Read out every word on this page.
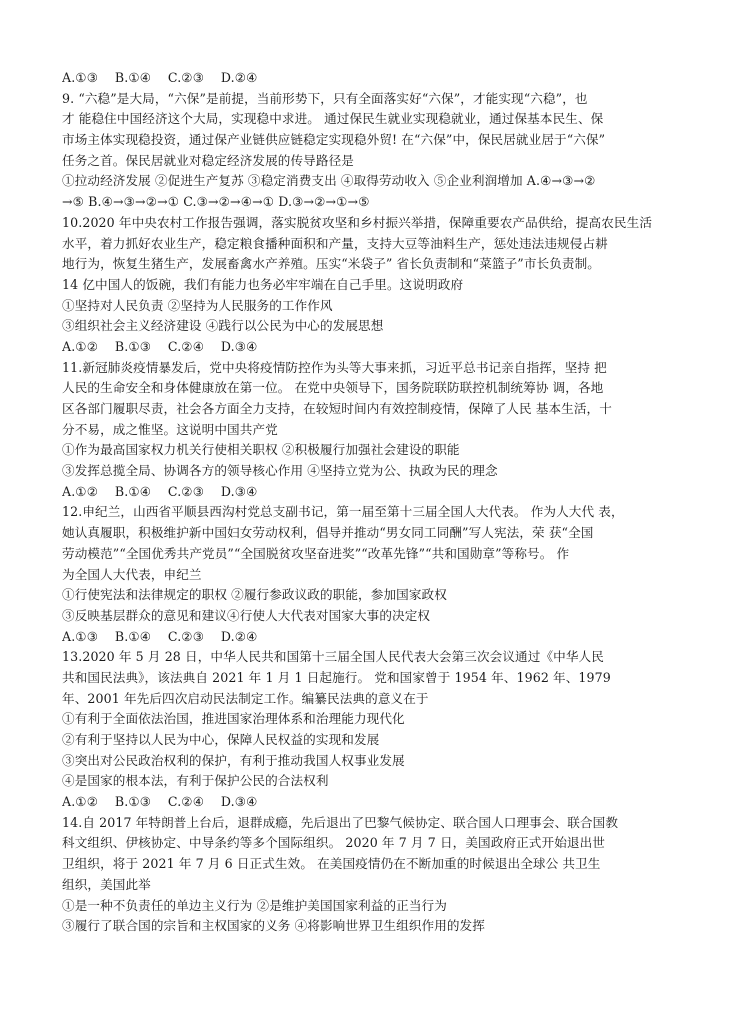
A.①③　 B.①④　 C.②③　 D.②④
9. “六稳”是大局，“六保”是前提，当前形势下，只有全面落实好“六保”，才能实现“六稳”，也
才 能稳住中国经济这个大局，实现稳中求进。 通过保民生就业实现稳就业，通过保基本民生、保
市场主体实现稳投资，通过保产业链供应链稳定实现稳外贸! 在“六保”中，保民居就业居于“六保”
任务之首。保民居就业对稳定经济发展的传导路径是
①拉动经济发展 ②促进生产复苏 ③稳定消费支出 ④取得劳动收入 ⑤企业利润增加 A.④→③→②
→⑤ B.④→③→②→① C.③→②→④→① D.③→②→①→⑤
10.2020 年中央农村工作报告强调，落实脱贫攻坚和乡村振兴举措，保障重要农产品供给，提高农民生活
水平，着力抓好农业生产，稳定粮食播种面积和产量，支持大豆等油料生产，惩处违法违规侵占耕
地行为，恢复生猪生产，发展畜禽水产养殖。压实“米袋子” 省长负责制和“菜篮子”市长负责制。
14 亿中国人的饭碗，我们有能力也务必牢牢端在自己手里。这说明政府
①坚持对人民负责 ②坚持为人民服务的工作作风
③组织社会主义经济建设 ④践行以公民为中心的发展思想
A.①②　 B.①③　 C.②④　 D.③④
11.新冠肺炎疫情暴发后，党中央将疫情防控作为头等大事来抓，习近平总书记亲自指挥，坚持 把
人民的生命安全和身体健康放在第一位。 在党中央领导下，国务院联防联控机制统筹协 调，各地
区各部门履职尽责，社会各方面全力支持，在较短时间内有效控制疫情，保障了人民 基本生活，十
分不易，成之惟坚。这说明中国共产党
①作为最高国家权力机关行使相关职权 ②积极履行加强社会建设的职能
③发挥总揽全局、协调各方的领导核心作用 ④坚持立党为公、执政为民的理念
A.①②　 B.①④　 C.②③　 D.③④
12.申纪兰，山西省平顺县西沟村党总支副书记，第一届至第十三届全国人大代表。 作为人大代 表，
她认真履职，积极维护新中国妇女劳动权利，倡导并推动“男女同工同酬”写人宪法，荣 获“全国
劳动模范”“全国优秀共产党员”“全国脱贫攻坚奋进奖”“改革先锋”“共和国勋章”等称号。 作
为全国人大代表，申纪兰
①行使宪法和法律规定的职权 ②履行参政议政的职能，参加国家政权
③反映基层群众的意见和建议④行使人大代表对国家大事的决定权
A.①③　 B.①④　 C.②③　 D.②④
13.2020 年 5 月 28 日，中华人民共和国第十三届全国人民代表大会第三次会议通过《中华人民
共和国民法典》，该法典自 2021 年 1 月 1 日起施行。 党和国家曾于 1954 年、1962 年、1979
年、2001 年先后四次启动民法制定工作。编纂民法典的意义在于
①有利于全面依法治国，推进国家治理体系和治理能力现代化
②有利于坚持以人民为中心，保障人民权益的实现和发展
③突出对公民政治权利的保护，有利于推动我国人权事业发展
④是国家的根本法，有利于保护公民的合法权利
A.①②　 B.①③　 C.②④　 D.③④
14.自 2017 年特朗普上台后，退群成瘾，先后退出了巴黎气候协定、联合国人口理事会、联合国教
科文组织、伊核协定、中导条约等多个国际组织。 2020 年 7 月 7 日，美国政府正式开始退出世
卫组织，将于 2021 年 7 月 6 日正式生效。 在美国疫情仍在不断加重的时候退出全球公 共卫生
组织，美国此举
①是一种不负责任的单边主义行为 ②是维护美国国家利益的正当行为
③履行了联合国的宗旨和主权国家的义务 ④将影响世界卫生组织作用的发挥
